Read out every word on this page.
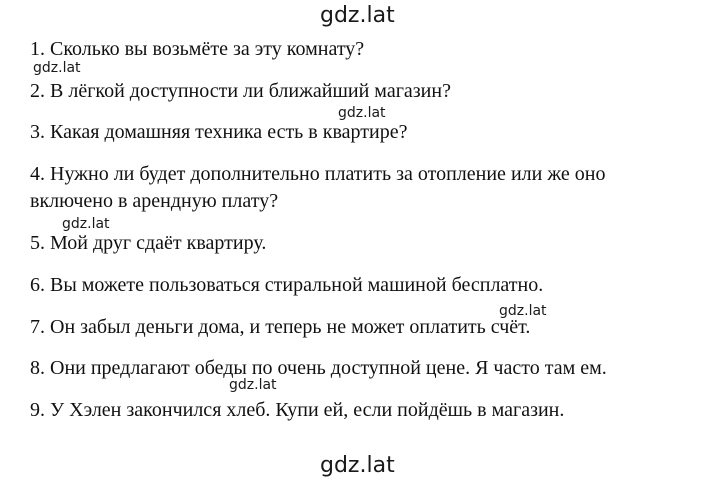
1. Сколько вы возьмёте за эту комнату?
2. В лёгкой доступности ли ближайший магазин?
3. Какая домашняя техника есть в квартире?
4. Нужно ли будет дополнительно платить за отопление или же оно
включено в арендную плату?
5. Мой друг сдаёт квартиру.
6. Вы можете пользоваться стиральной машиной бесплатно.
7. Он забыл деньги дома, и теперь не может оплатить счёт.
8. Они предлагают обеды по очень доступной цене. Я часто там ем.
9. У Хэлен закончился хлеб. Купи ей, если пойдёшь в магазин.
gdz.lat
gdz.lat
gdz.lat
gdz.lat
gdz.lat
gdz.lat
gdz.lat
